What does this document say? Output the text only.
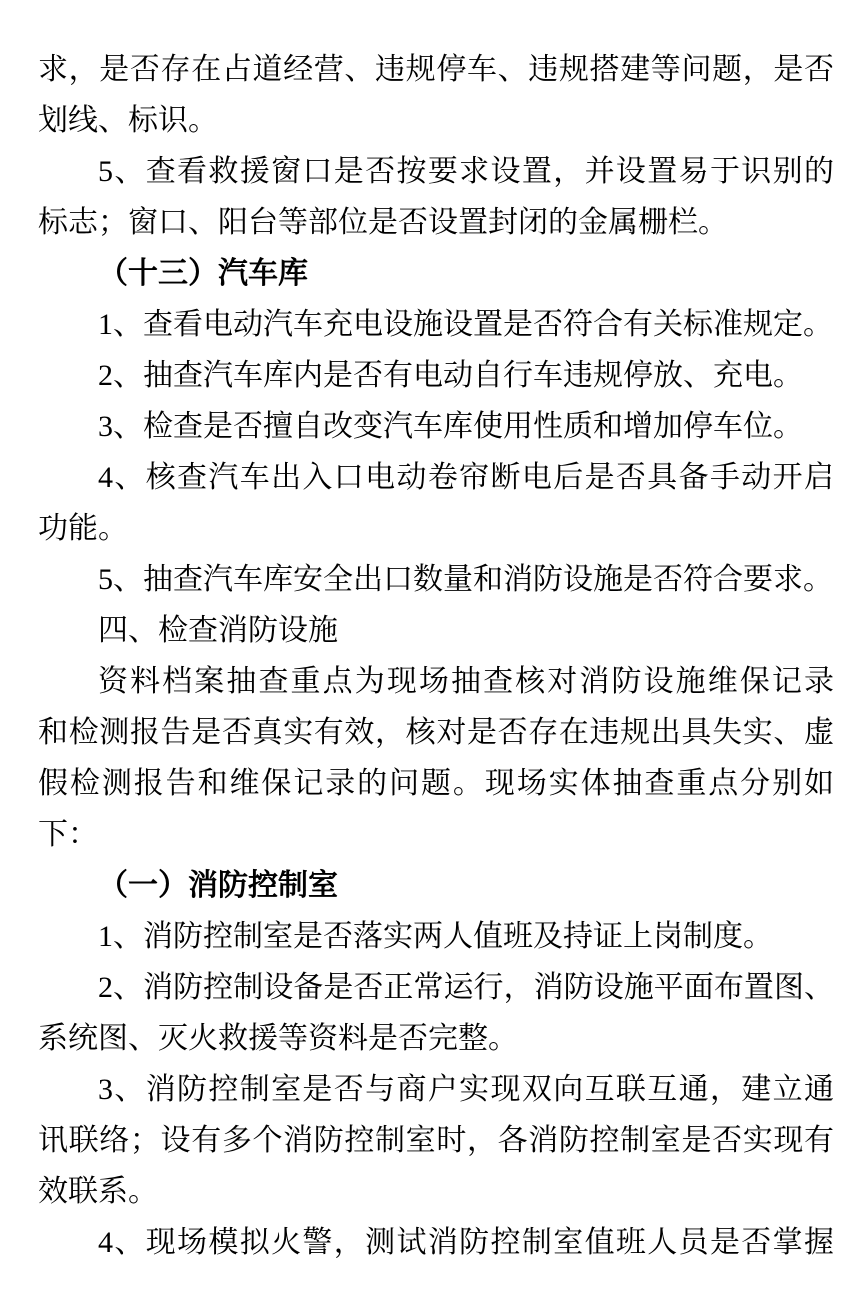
求，是否存在占道经营、违规停车、违规搭建等问题，是否
划线、标识。
5、查看救援窗口是否按要求设置，并设置易于识别的
标志；窗口、阳台等部位是否设置封闭的金属栅栏。
（十三）汽车库
1、查看电动汽车充电设施设置是否符合有关标准规定。
2、抽查汽车库内是否有电动自行车违规停放、充电。
3、检查是否擅自改变汽车库使用性质和增加停车位。
4、核查汽车出入口电动卷帘断电后是否具备手动开启
功能。
5、抽查汽车库安全出口数量和消防设施是否符合要求。
四、检查消防设施
资料档案抽查重点为现场抽查核对消防设施维保记录
和检测报告是否真实有效，核对是否存在违规出具失实、虚
假检测报告和维保记录的问题。现场实体抽查重点分别如
下：
（一）消防控制室
1、消防控制室是否落实两人值班及持证上岗制度。
2、消防控制设备是否正常运行，消防设施平面布置图、
系统图、灭火救援等资料是否完整。
3、消防控制室是否与商户实现双向互联互通，建立通
讯联络；设有多个消防控制室时，各消防控制室是否实现有
效联系。
4、现场模拟火警，测试消防控制室值班人员是否掌握
